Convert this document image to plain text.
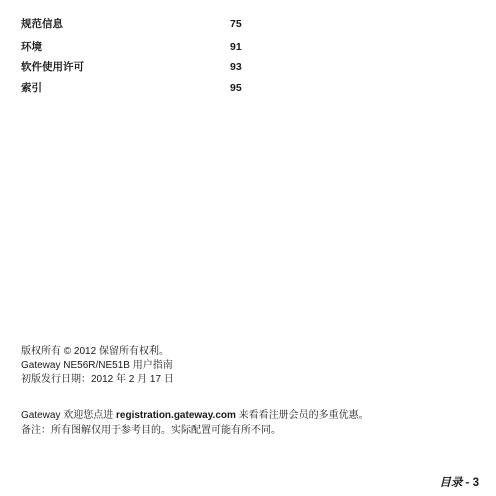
规范信息	75
环境	91
软件使用许可	93
索引	95
版权所有 © 2012 保留所有权利。
Gateway NE56R/NE51B 用户指南
初版发行日期：2012 年 2 月 17 日
Gateway 欢迎您点进 registration.gateway.com 来看看注册会员的多重优惠。
备注：所有图解仅用于参考目的。实际配置可能有所不同。
目录 - 3
